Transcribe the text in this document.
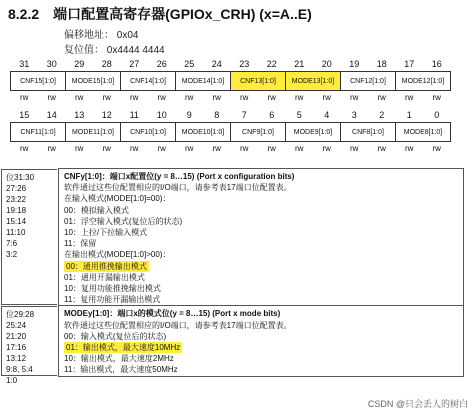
8.2.2 端口配置高寄存器(GPIOx_CRH) (x=A..E)
偏移地址： 0x04
复位值： 0x4444 4444
31	30	29	28	27	26	25	24	23	22	21	20	19	18	17	16
CNF15[1:0]		MODE15[1:0]		CNF14[1:0]		MODE14[1:0]		CNF13[1:0]		MODE13[1:0]		CNF12[1:0]		MODE12[1:0]	
rw	rw	rw	rw	rw	rw	rw	rw	rw	rw	rw	rw	rw	rw	rw	rw
15	14	13	12	11	10	9	8	7	6	5	4	3	2	1	0
CNF11[1:0]		MODE11[1:0]		CNF10[1:0]		MODE10[1:0]		CNF9[1:0]		MODE9[1:0]		CNF8[1:0]		MODE8[1:0]	
rw	rw	rw	rw	rw	rw	rw	rw	rw	rw	rw	rw	rw	rw	rw	rw
位31:30
27:26
23:22
19:18
15:14
11:10
7:6
3:2
CNFy[1:0]：端口x配置位(y = 8…15) (Port x configuration bits)
软件通过这些位配置相应的I/O端口，请参考表17端口位配置表。
在输入模式(MODE[1:0]=00)：
00：模拟输入模式
01：浮空输入模式(复位后的状态)
10：上拉/下拉输入模式
11：保留
在输出模式(MODE[1:0]>00)：
00：通用推挽输出模式
01：通用开漏输出模式
10：复用功能推挽输出模式
11：复用功能开漏输出模式
位29:28
25:24
21:20
17:16
13:12
9:8, 5:4
1:0
MODEy[1:0]：端口x的模式位(y = 8…15) (Port x mode bits)
软件通过这些位配置相应的I/O端口，请参考表17端口位配置表。
00：输入模式(复位后的状态)
01：输出模式，最大速度10MHz
10：输出模式，最大速度2MHz
11：输出模式，最大速度50MHz
CSDN @只会丢人的树白
